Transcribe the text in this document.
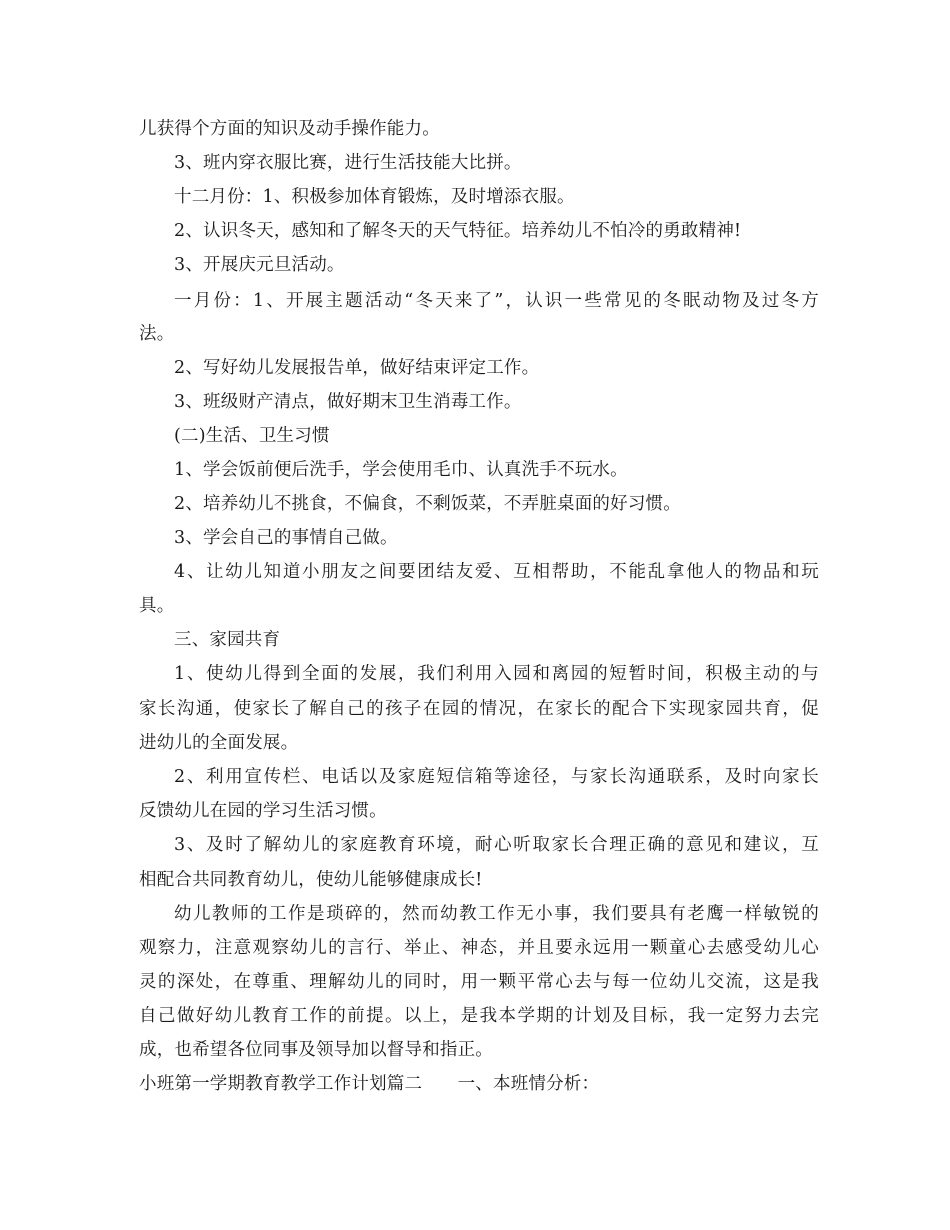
儿获得个方面的知识及动手操作能力。
3、班内穿衣服比赛，进行生活技能大比拼。
十二月份：1、积极参加体育锻炼，及时增添衣服。
2、认识冬天，感知和了解冬天的天气特征。培养幼儿不怕冷的勇敢精神!
3、开展庆元旦活动。
一月份：1、开展主题活动“冬天来了”，认识一些常见的冬眠动物及过冬方
法。
2、写好幼儿发展报告单，做好结束评定工作。
3、班级财产清点，做好期末卫生消毒工作。
(二)生活、卫生习惯
1、学会饭前便后洗手，学会使用毛巾、认真洗手不玩水。
2、培养幼儿不挑食，不偏食，不剩饭菜，不弄脏桌面的好习惯。
3、学会自己的事情自己做。
4、让幼儿知道小朋友之间要团结友爱、互相帮助，不能乱拿他人的物品和玩
具。
三、家园共育
1、使幼儿得到全面的发展，我们利用入园和离园的短暂时间，积极主动的与
家长沟通，使家长了解自己的孩子在园的情况，在家长的配合下实现家园共育，促
进幼儿的全面发展。
2、利用宣传栏、电话以及家庭短信箱等途径，与家长沟通联系，及时向家长
反馈幼儿在园的学习生活习惯。
3、及时了解幼儿的家庭教育环境，耐心听取家长合理正确的意见和建议，互
相配合共同教育幼儿，使幼儿能够健康成长!
幼儿教师的工作是琐碎的，然而幼教工作无小事，我们要具有老鹰一样敏锐的
观察力，注意观察幼儿的言行、举止、神态，并且要永远用一颗童心去感受幼儿心
灵的深处，在尊重、理解幼儿的同时，用一颗平常心去与每一位幼儿交流，这是我
自己做好幼儿教育工作的前提。以上，是我本学期的计划及目标，我一定努力去完
成，也希望各位同事及领导加以督导和指正。
小班第一学期教育教学工作计划篇二　　一、本班情分析：
